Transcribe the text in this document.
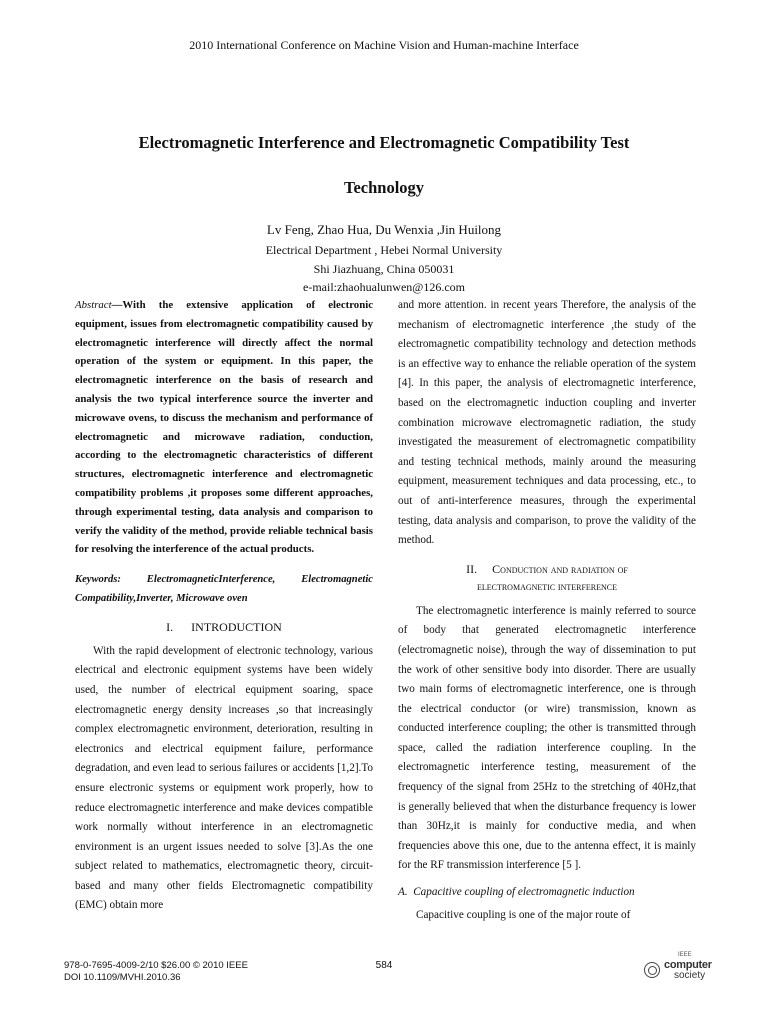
2010 International Conference on Machine Vision and Human-machine Interface
Electromagnetic Interference and Electromagnetic Compatibility Test
Technology
Lv Feng, Zhao Hua, Du Wenxia ,Jin Huilong
Electrical Department , Hebei Normal University
Shi Jiazhuang, China 050031
e-mail:zhaohualunwen@126.com

Abstract—With the extensive application of electronic equipment, issues from electromagnetic compatibility caused by electromagnetic interference will directly affect the normal operation of the system or equipment. In this paper, the electromagnetic interference on the basis of research and analysis the two typical interference source the inverter and microwave ovens, to discuss the mechanism and performance of electromagnetic and microwave radiation, conduction, according to the electromagnetic characteristics of different structures, electromagnetic interference and electromagnetic compatibility problems ,it proposes some different approaches, through experimental testing, data analysis and comparison to verify the validity of the method, provide reliable technical basis for resolving the interference of the actual products.

Keywords: ElectromagneticInterference, Electromagnetic Compatibility,Inverter, Microwave oven

I.      INTRODUCTION

With the rapid development of electronic technology, various electrical and electronic equipment systems have been widely used, the number of electrical equipment soaring, space electromagnetic energy density increases ,so that increasingly complex electromagnetic environment, deterioration, resulting in electronics and electrical equipment failure, performance degradation, and even lead to serious failures or accidents [1,2].To ensure electronic systems or equipment work properly, how to reduce electromagnetic interference and make devices compatible work normally without interference in an electromagnetic environment is an urgent issues needed to solve [3].As the one subject related to mathematics, electromagnetic theory, circuit-based and many other fields Electromagnetic compatibility (EMC) obtain more

and more attention. in recent years Therefore, the analysis of the mechanism of electromagnetic interference ,the study of the electromagnetic compatibility technology and detection methods is an effective way to enhance the reliable operation of the system [4]. In this paper, the analysis of electromagnetic interference, based on the electromagnetic induction coupling and inverter combination microwave electromagnetic radiation, the study investigated the measurement of electromagnetic compatibility and testing technical methods, mainly around the measuring equipment, measurement techniques and data processing, etc., to out of anti-interference measures, through the experimental testing, data analysis and comparison, to prove the validity of the method.

II.     Conduction and radiation of
electromagnetic interference

The electromagnetic interference is mainly referred to source of body that generated electromagnetic interference (electromagnetic noise), through the way of dissemination to put the work of other sensitive body into disorder. There are usually two main forms of electromagnetic interference, one is through the electrical conductor (or wire) transmission, known as conducted interference coupling; the other is transmitted through space, called the radiation interference coupling. In the electromagnetic interference testing, measurement of the frequency of the signal from 25Hz to the stretching of 40Hz,that is generally believed that when the disturbance frequency is lower than 30Hz,it is mainly for conductive media, and when frequencies above this one, due to the antenna effect, it is mainly for the RF transmission interference [5 ].

A.  Capacitive coupling of electromagnetic induction

Capacitive coupling is one of the major route of

978-0-7695-4009-2/10 $26.00 © 2010 IEEE
DOI 10.1109/MVHI.2010.36
584
IEEE
computer
society
